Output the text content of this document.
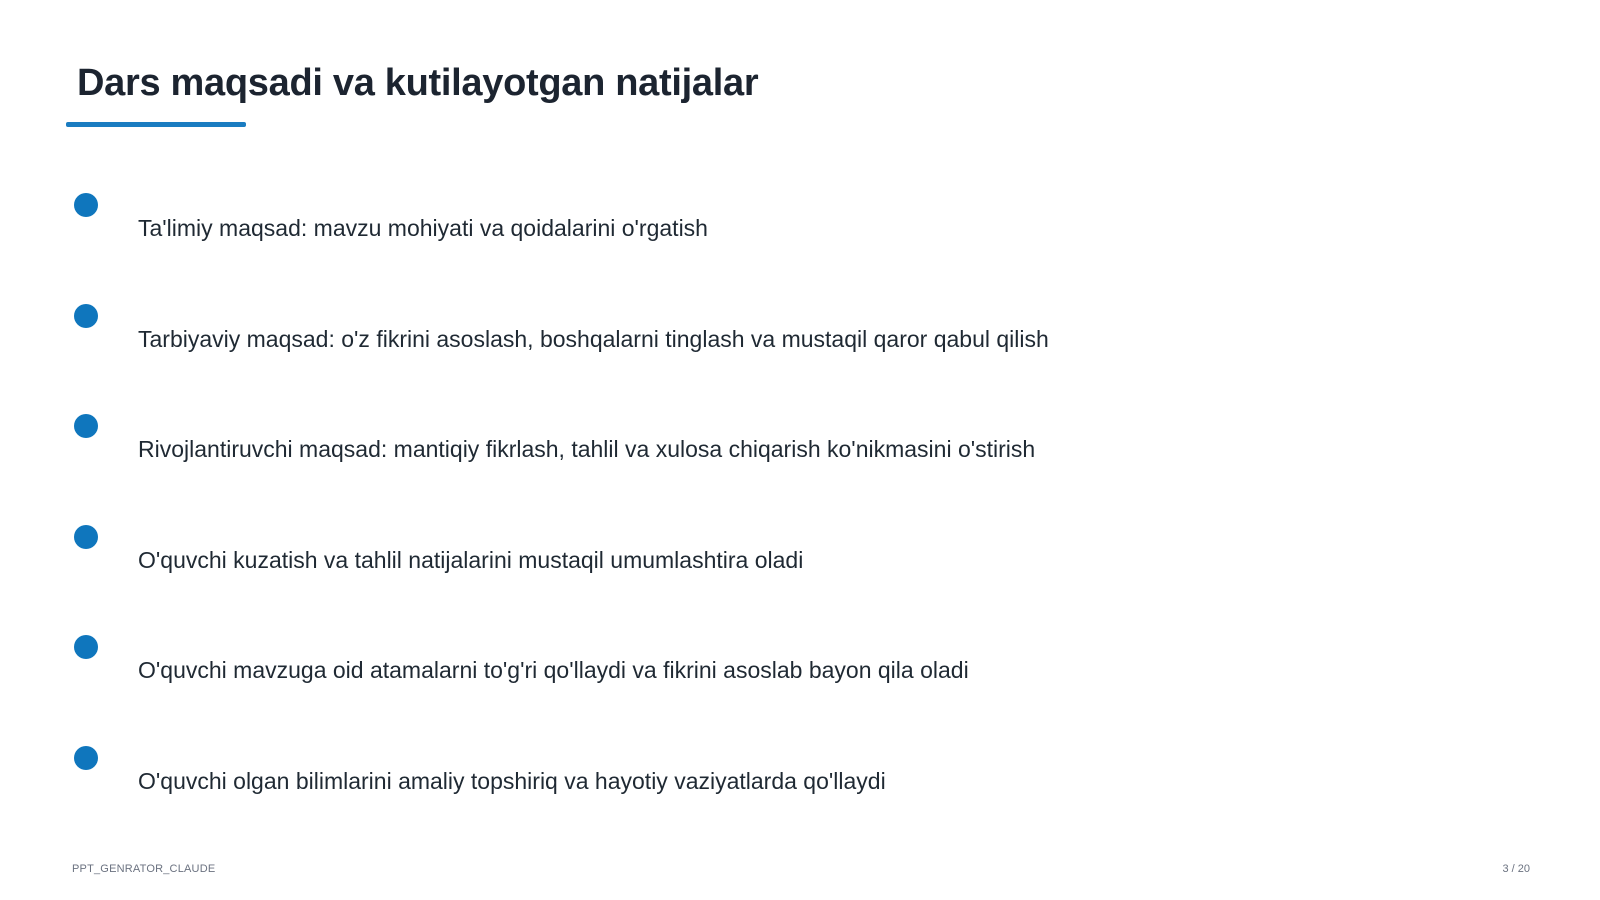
Dars maqsadi va kutilayotgan natijalar
Ta'limiy maqsad: mavzu mohiyati va qoidalarini o'rgatish
Tarbiyaviy maqsad: o'z fikrini asoslash, boshqalarni tinglash va mustaqil qaror qabul qilish
Rivojlantiruvchi maqsad: mantiqiy fikrlash, tahlil va xulosa chiqarish ko'nikmasini o'stirish
O'quvchi kuzatish va tahlil natijalarini mustaqil umumlashtira oladi
O'quvchi mavzuga oid atamalarni to'g'ri qo'llaydi va fikrini asoslab bayon qila oladi
O'quvchi olgan bilimlarini amaliy topshiriq va hayotiy vaziyatlarda qo'llaydi
PPT_GENRATOR_CLAUDE	3 / 20
